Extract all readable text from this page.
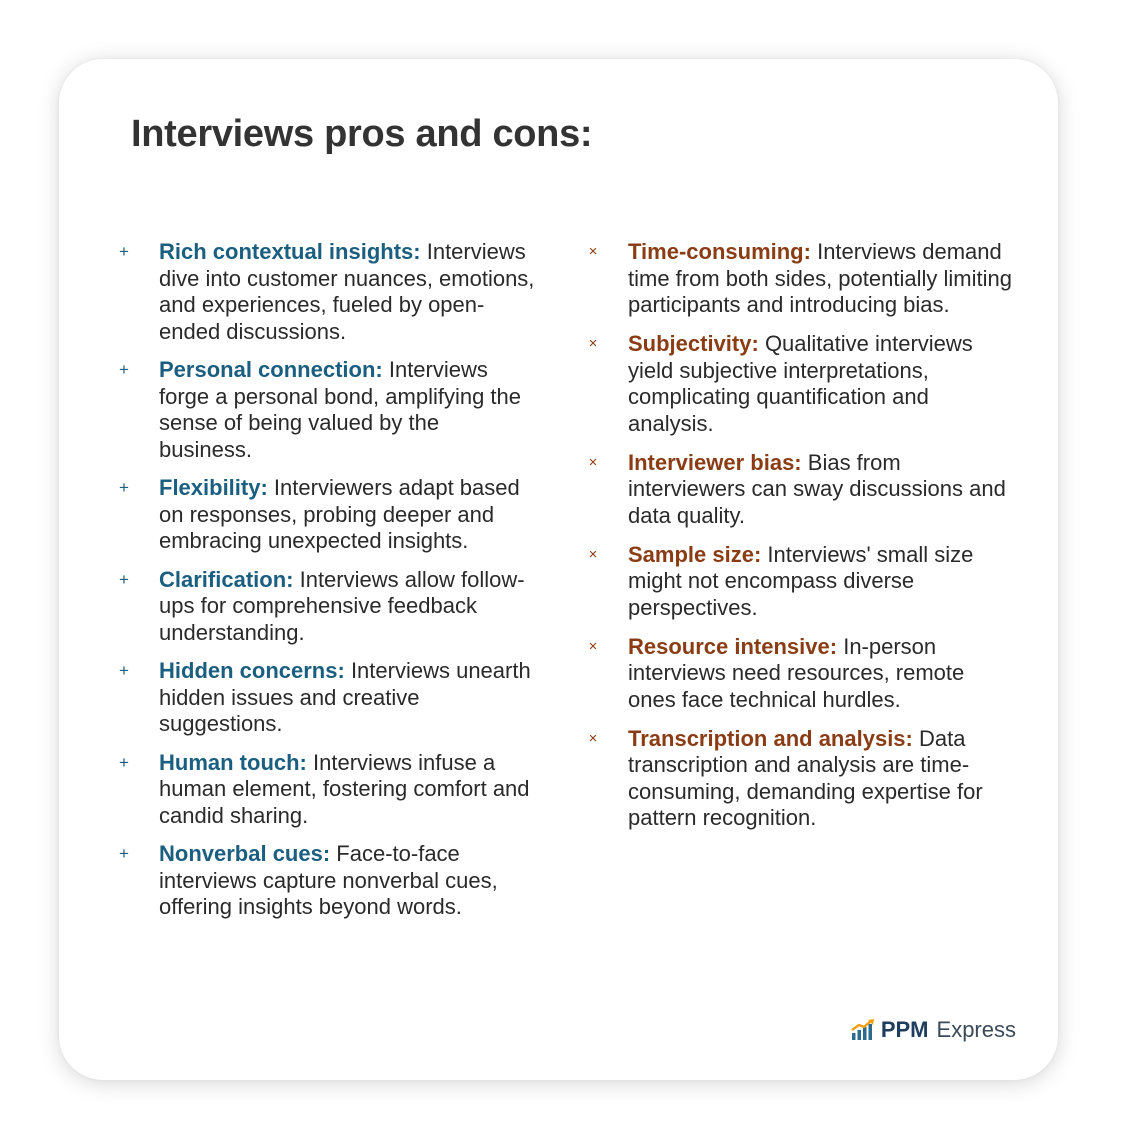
Interviews pros and cons:
+ Rich contextual insights: Interviews dive into customer nuances, emotions, and experiences, fueled by open-ended discussions.
+ Personal connection: Interviews forge a personal bond, amplifying the sense of being valued by the business.
+ Flexibility: Interviewers adapt based on responses, probing deeper and embracing unexpected insights.
+ Clarification: Interviews allow follow-ups for comprehensive feedback understanding.
+ Hidden concerns: Interviews unearth hidden issues and creative suggestions.
+ Human touch: Interviews infuse a human element, fostering comfort and candid sharing.
+ Nonverbal cues: Face-to-face interviews capture nonverbal cues, offering insights beyond words.
× Time-consuming: Interviews demand time from both sides, potentially limiting participants and introducing bias.
× Subjectivity: Qualitative interviews yield subjective interpretations, complicating quantification and analysis.
× Interviewer bias: Bias from interviewers can sway discussions and data quality.
× Sample size: Interviews' small size might not encompass diverse perspectives.
× Resource intensive: In-person interviews need resources, remote ones face technical hurdles.
× Transcription and analysis: Data transcription and analysis are time-consuming, demanding expertise for pattern recognition.
PPM Express
